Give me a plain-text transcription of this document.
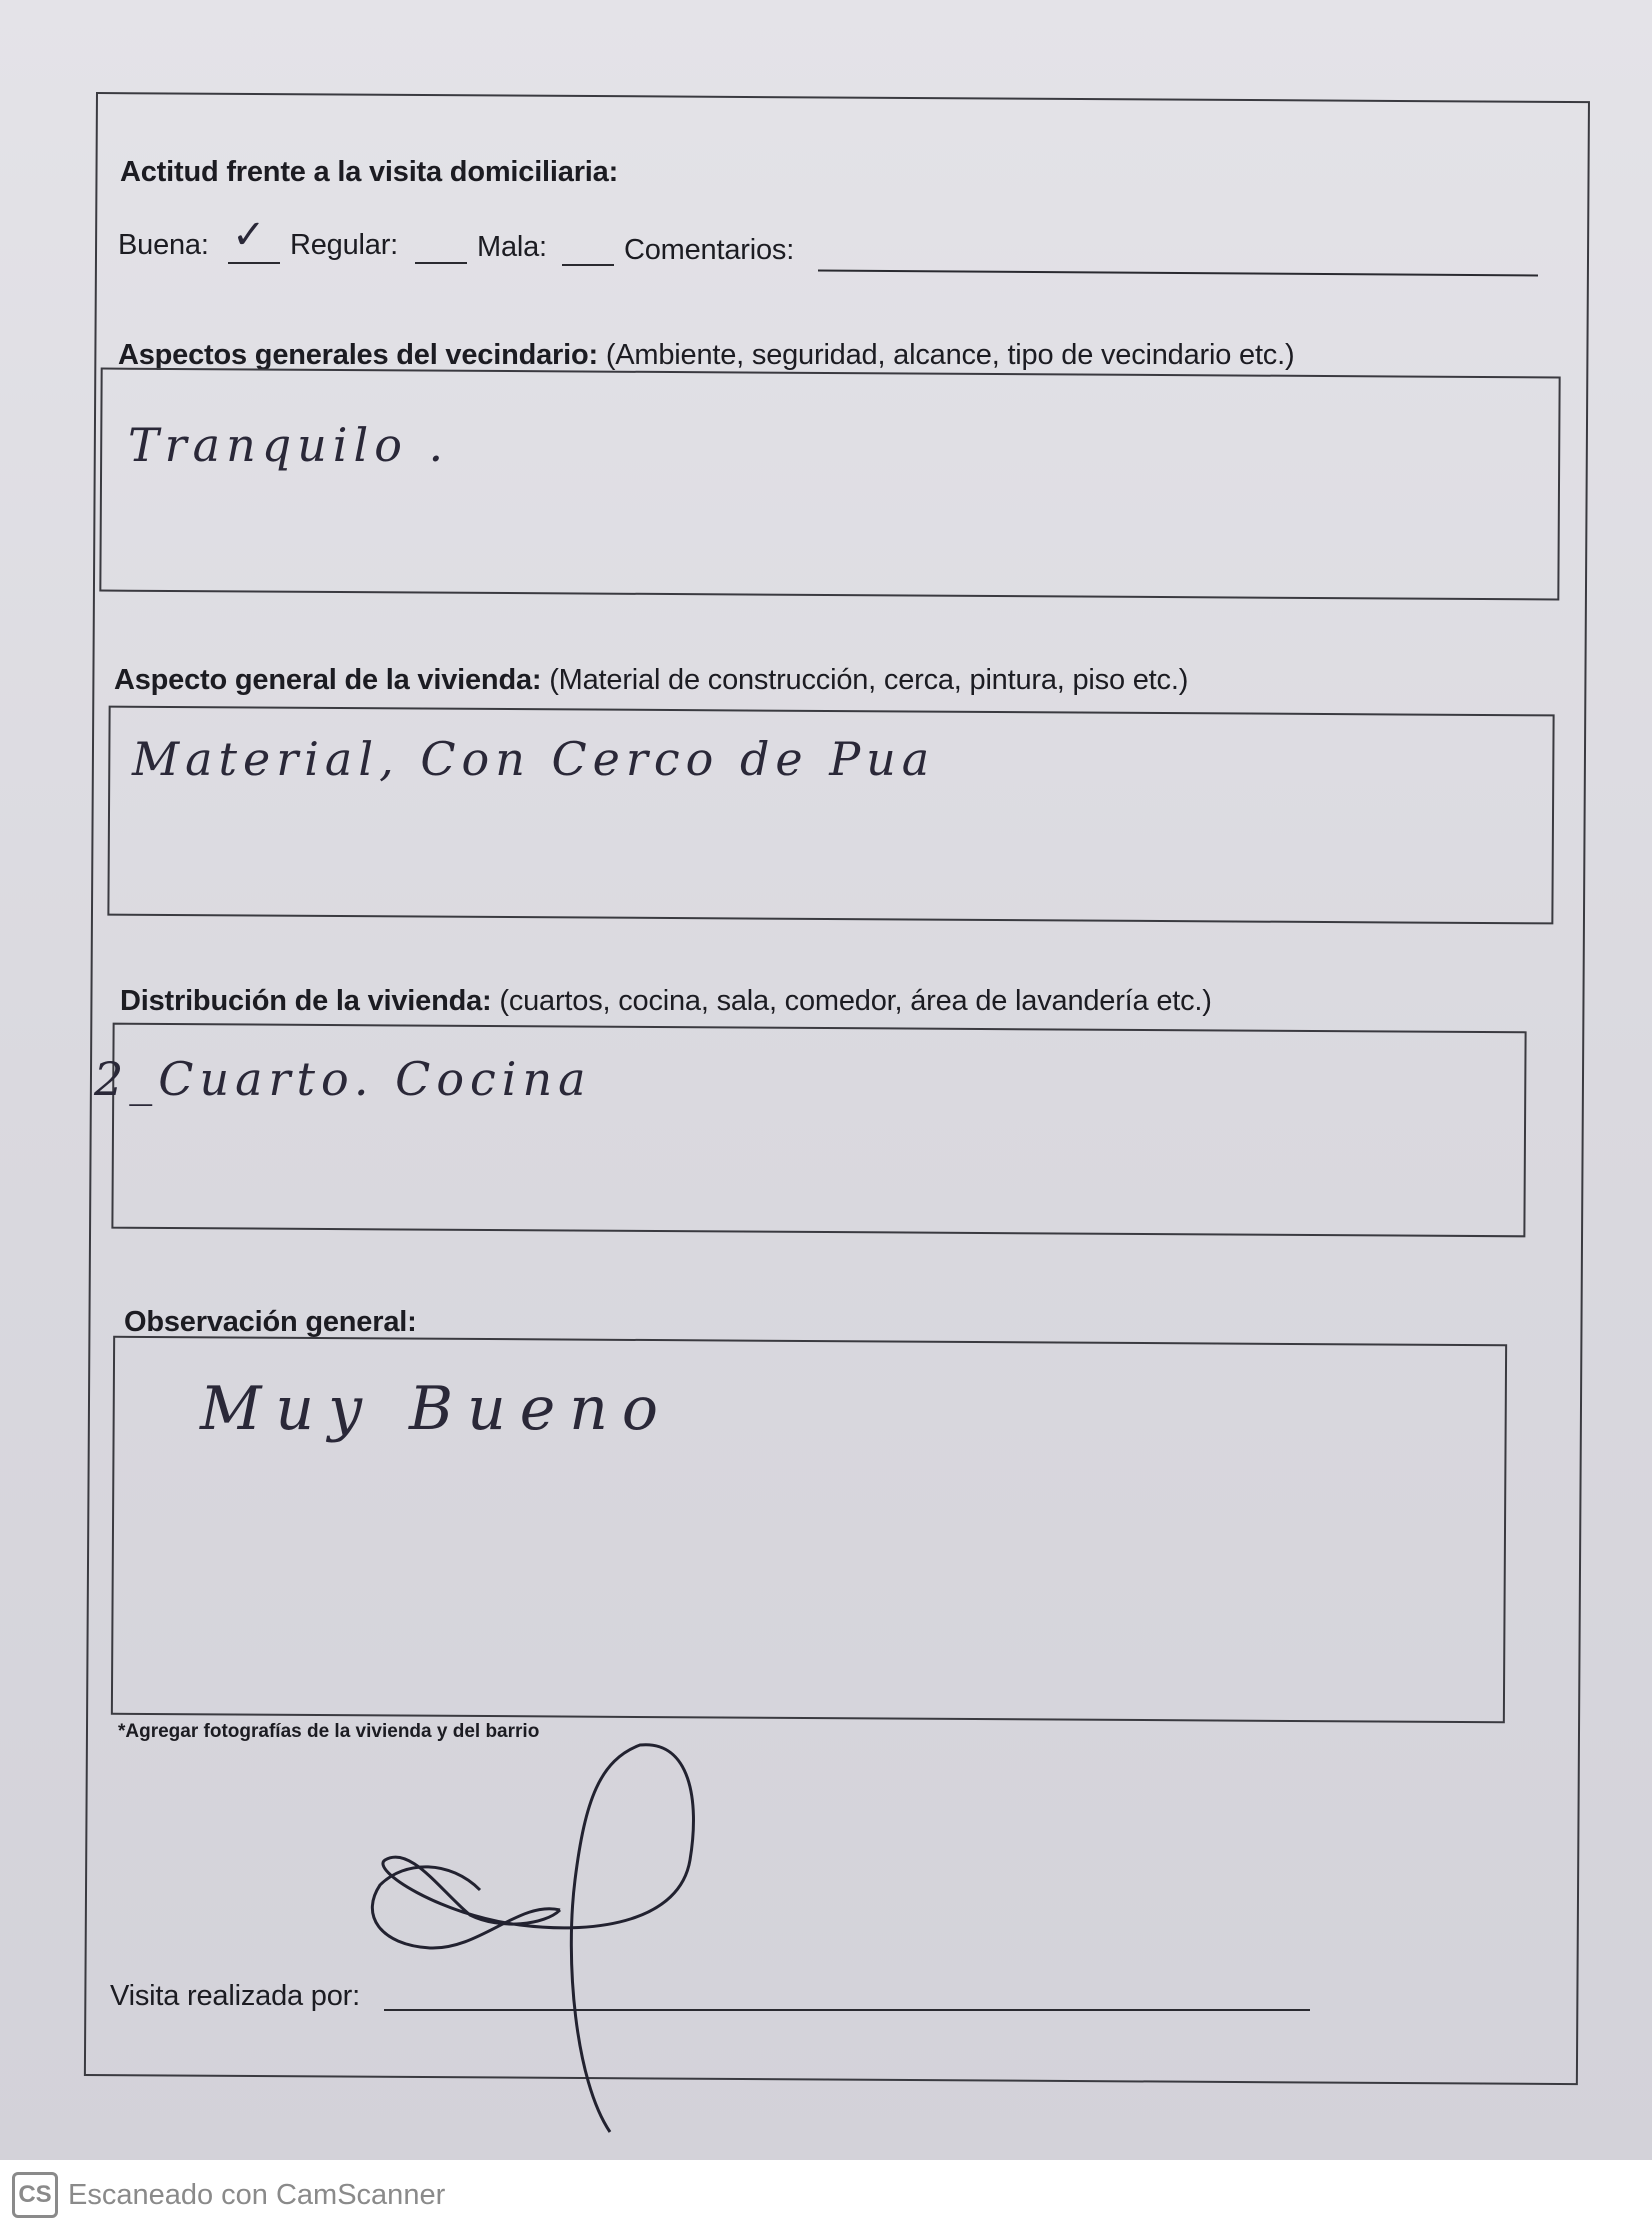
Actitud frente a la visita domiciliaria:
Buena: ✓ Regular:	Mala:	Comentarios:
Aspectos generales del vecindario: (Ambiente, seguridad, alcance, tipo de vecindario etc.)
Tranquilo .
Aspecto general de la vivienda: (Material de construcción, cerca, pintura, piso etc.)
Material, Con Cerco de Pua
Distribución de la vivienda: (cuartos, cocina, sala, comedor, área de lavandería etc.)
2_Cuarto. Cocina
Observación general:
Muy Bueno
*Agregar fotografías de la vivienda y del barrio
Visita realizada por:
CS Escaneado con CamScanner
